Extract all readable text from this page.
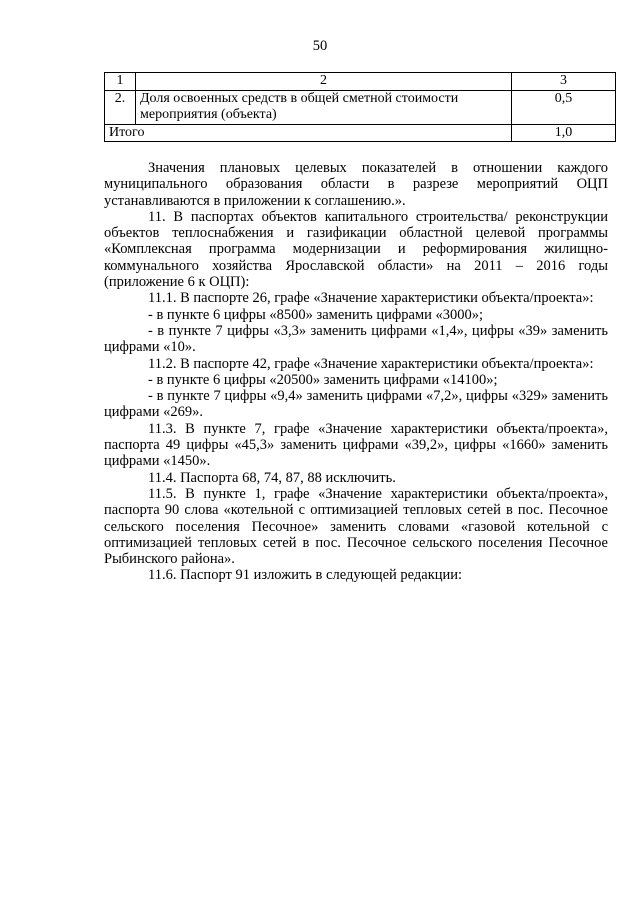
50
1	2	3
2.	Доля освоенных средств в общей сметной стоимости мероприятия (объекта)	0,5
Итого		1,0

Значения плановых целевых показателей в отношении каждого муниципального образования области в разрезе мероприятий ОЦП устанавливаются в приложении к соглашению.».

11. В паспортах объектов капитального строительства/ реконструкции объектов теплоснабжения и газификации областной целевой программы «Комплексная программа модернизации и реформирования жилищно-коммунального хозяйства Ярославской области» на 2011 – 2016 годы (приложение 6 к ОЦП):

11.1. В паспорте 26, графе «Значение характеристики объекта/проекта»:

- в пункте 6 цифры «8500» заменить цифрами «3000»;

- в пункте 7 цифры «3,3» заменить цифрами «1,4», цифры «39» заменить цифрами «10».

11.2. В паспорте 42, графе «Значение характеристики объекта/проекта»:

- в пункте 6 цифры «20500» заменить цифрами «14100»;

- в пункте 7 цифры «9,4» заменить цифрами «7,2», цифры «329» заменить цифрами «269».

11.3. В пункте 7, графе «Значение характеристики объекта/проекта», паспорта 49 цифры «45,3» заменить цифрами «39,2», цифры «1660» заменить цифрами «1450».

11.4. Паспорта 68, 74, 87, 88 исключить.

11.5. В пункте 1, графе «Значение характеристики объекта/проекта», паспорта 90 слова «котельной с оптимизацией тепловых сетей в пос. Песочное сельского поселения Песочное» заменить словами «газовой котельной с оптимизацией тепловых сетей в пос. Песочное сельского поселения Песочное Рыбинского района».

11.6. Паспорт 91 изложить в следующей редакции:
